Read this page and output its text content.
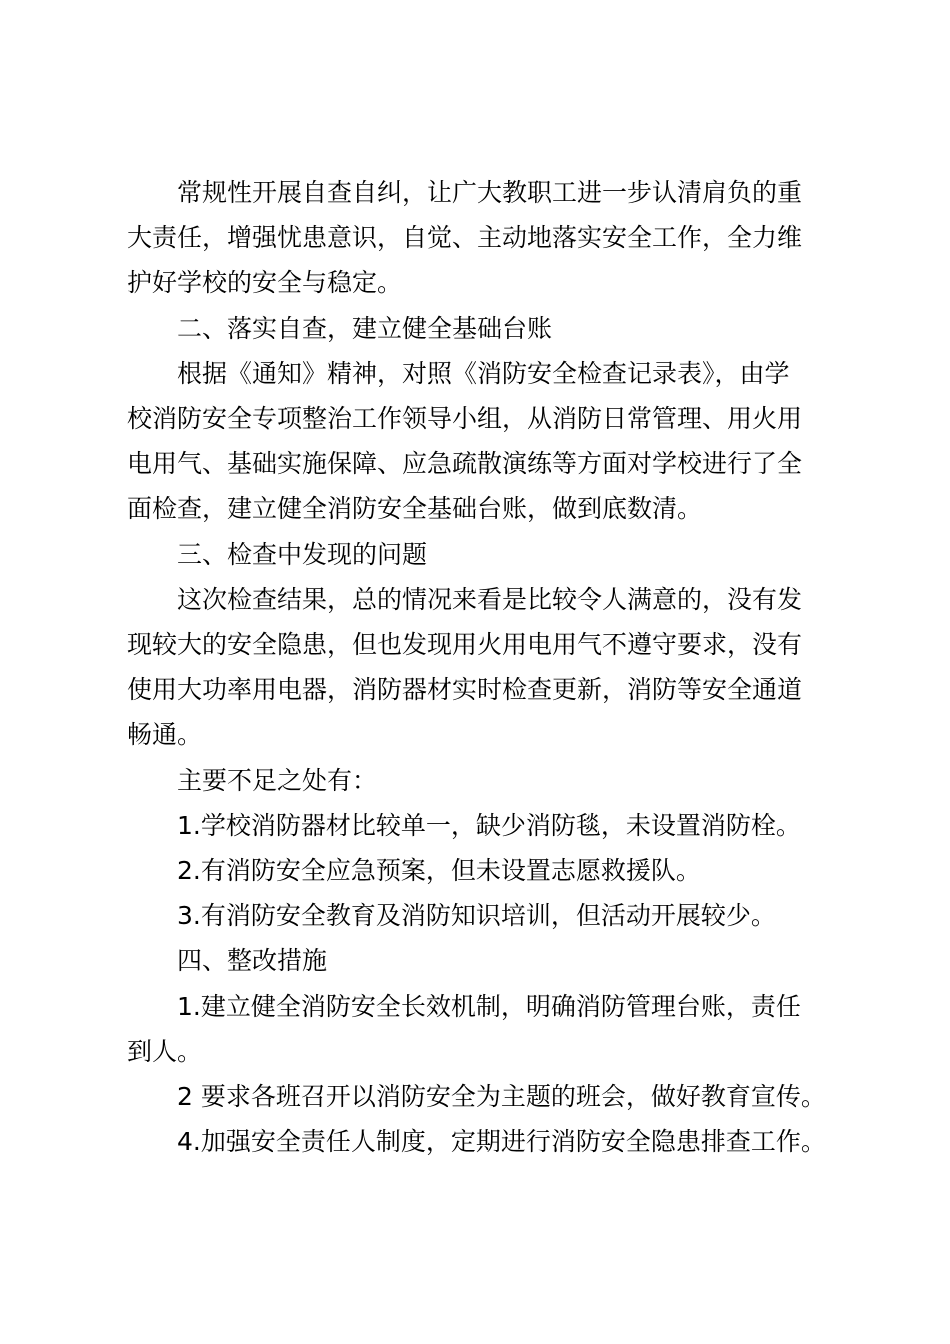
常规性开展自查自纠，让广大教职工进一步认清肩负的重
大责任，增强忧患意识，自觉、主动地落实安全工作，全力维
护好学校的安全与稳定。

二、落实自查，建立健全基础台账

根据《通知》精神，对照《消防安全检查记录表》，由学
校消防安全专项整治工作领导小组，从消防日常管理、用火用
电用气、基础实施保障、应急疏散演练等方面对学校进行了全
面检查，建立健全消防安全基础台账，做到底数清。

三、检查中发现的问题

这次检查结果，总的情况来看是比较令人满意的，没有发
现较大的安全隐患，但也发现用火用电用气不遵守要求，没有
使用大功率用电器，消防器材实时检查更新，消防等安全通道
畅通。

主要不足之处有：

1.学校消防器材比较单一，缺少消防毯，未设置消防栓。

2.有消防安全应急预案，但未设置志愿救援队。

3.有消防安全教育及消防知识培训，但活动开展较少。

四、整改措施

1.建立健全消防安全长效机制，明确消防管理台账，责任
到人。

2 要求各班召开以消防安全为主题的班会，做好教育宣传。

4.加强安全责任人制度，定期进行消防安全隐患排查工作。
